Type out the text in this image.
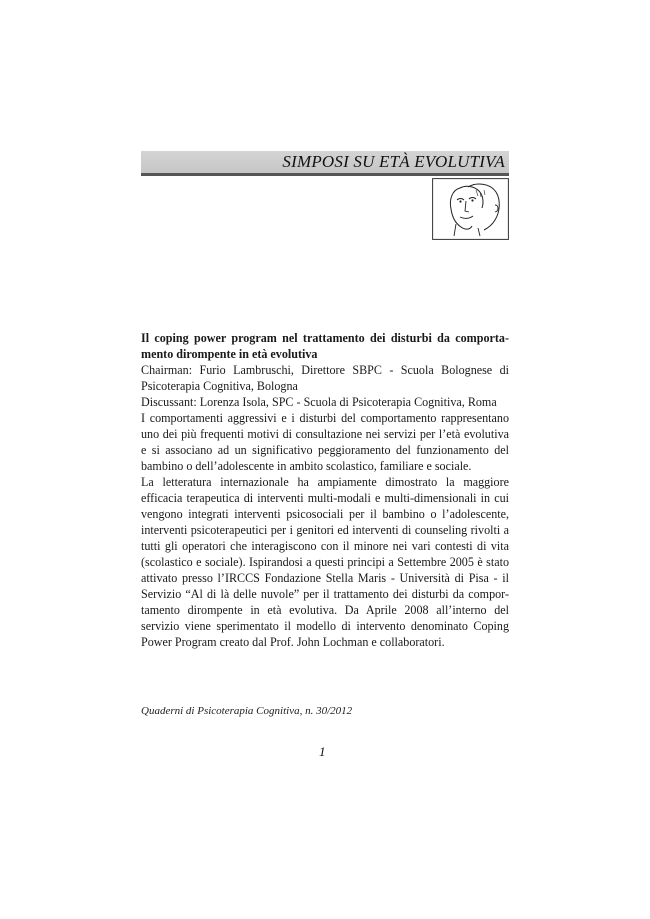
SIMPOSI SU ETÀ EVOLUTIVA

Il coping power program nel trattamento dei disturbi da comporta-
mento dirompente in età evolutiva

Chairman: Furio Lambruschi, Direttore SBPC - Scuola Bolognese di
Psicoterapia Cognitiva, Bologna

Discussant: Lorenza Isola, SPC - Scuola di Psicoterapia Cognitiva, Roma

I comportamenti aggressivi e i disturbi del comportamento rappresentano
uno dei più frequenti motivi di consultazione nei servizi per l’età evolutiva
e si associano ad un significativo peggioramento del funzionamento del
bambino o dell’adolescente in ambito scolastico, familiare e sociale.

La letteratura internazionale ha ampiamente dimostrato la maggiore
efficacia terapeutica di interventi multi-modali e multi-dimensionali in cui
vengono integrati interventi psicosociali per il bambino o l’adolescente,
interventi psicoterapeutici per i genitori ed interventi di counseling rivolti a
tutti gli operatori che interagiscono con il minore nei vari contesti di vita
(scolastico e sociale). Ispirandosi a questi principi a Settembre 2005 è stato
attivato presso l’IRCCS Fondazione Stella Maris - Università di Pisa - il
Servizio “Al di là delle nuvole” per il trattamento dei disturbi da compor-
tamento dirompente in età evolutiva. Da Aprile 2008 all’interno del
servizio viene sperimentato il modello di intervento denominato Coping
Power Program creato dal Prof. John Lochman e collaboratori.

Quaderni di Psicoterapia Cognitiva, n. 30/2012
1
